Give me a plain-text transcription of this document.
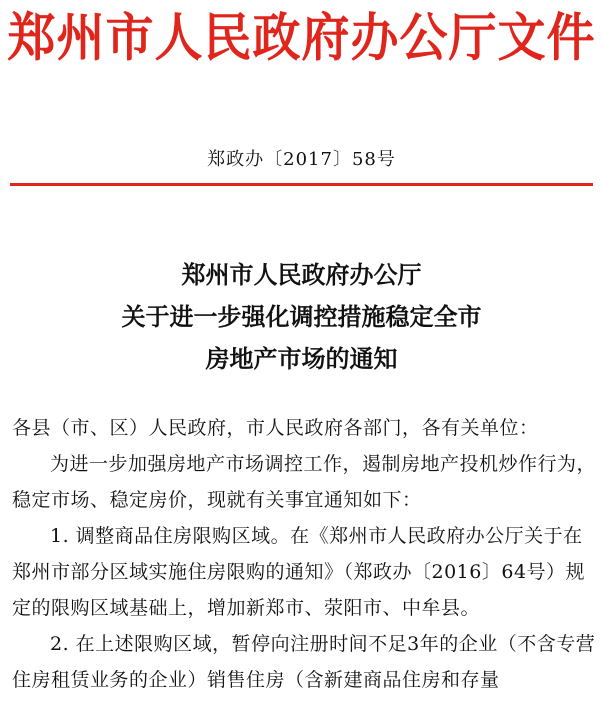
郑州市人民政府办公厅文件
郑政办〔2017〕58号
郑州市人民政府办公厅
关于进一步强化调控措施稳定全市
房地产市场的通知

各县（市、区）人民政府，市人民政府各部门，各有关单位：

为进一步加强房地产市场调控工作，遏制房地产投机炒作行为，稳定市场、稳定房价，现就有关事宜通知如下：

1. 调整商品住房限购区域。在《郑州市人民政府办公厅关于在郑州市部分区域实施住房限购的通知》（郑政办〔2016〕64号）规定的限购区域基础上，增加新郑市、荥阳市、中牟县。

2. 在上述限购区域，暂停向注册时间不足3年的企业（不含专营住房租赁业务的企业）销售住房（含新建商品住房和存量
